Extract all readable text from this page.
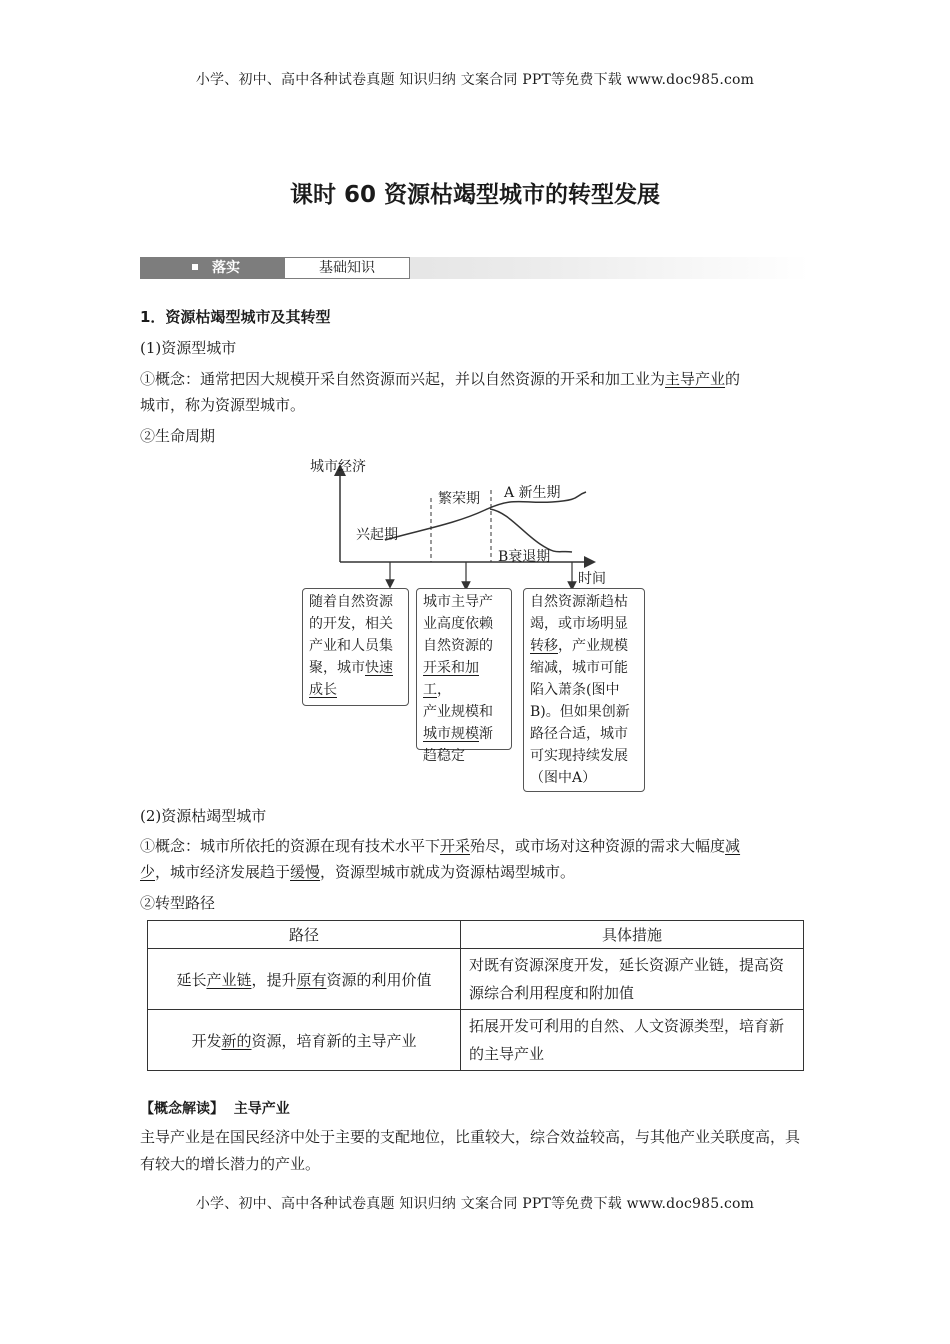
小学、初中、高中各种试卷真题 知识归纳 文案合同 PPT等免费下载 www.doc985.com
课时 60 资源枯竭型城市的转型发展
落实	基础知识
1．资源枯竭型城市及其转型
(1)资源型城市
①概念：通常把因大规模开采自然资源而兴起，并以自然资源的开采和加工业为主导产业的
城市，称为资源型城市。
②生命周期
城市经济
时间
兴起期
繁荣期 A 新生期
B衰退期
随着自然资源
的开发，相关
产业和人员集
聚，城市快速
成长
城市主导产
业高度依赖
自然资源的
开采和加工，
产业规模和
城市规模渐
趋稳定
自然资源渐趋枯
竭，或市场明显
转移，产业规模
缩减，城市可能
陷入萧条(图中
B)。但如果创新
路径合适，城市
可实现持续发展
（图中A）
(2)资源枯竭型城市
①概念：城市所依托的资源在现有技术水平下开采殆尽，或市场对这种资源的需求大幅度减
少，城市经济发展趋于缓慢，资源型城市就成为资源枯竭型城市。
②转型路径
路径	具体措施
延长产业链，提升原有资源的利用价值	对既有资源深度开发，延长资源产业链，提高资源综合利用程度和附加值
开发新的资源，培育新的主导产业	拓展开发可利用的自然、人文资源类型，培育新的主导产业
【概念解读】 主导产业
主导产业是在国民经济中处于主要的支配地位，比重较大，综合效益较高，与其他产业关联度高，具有较大的增长潜力的产业。
小学、初中、高中各种试卷真题 知识归纳 文案合同 PPT等免费下载 www.doc985.com
